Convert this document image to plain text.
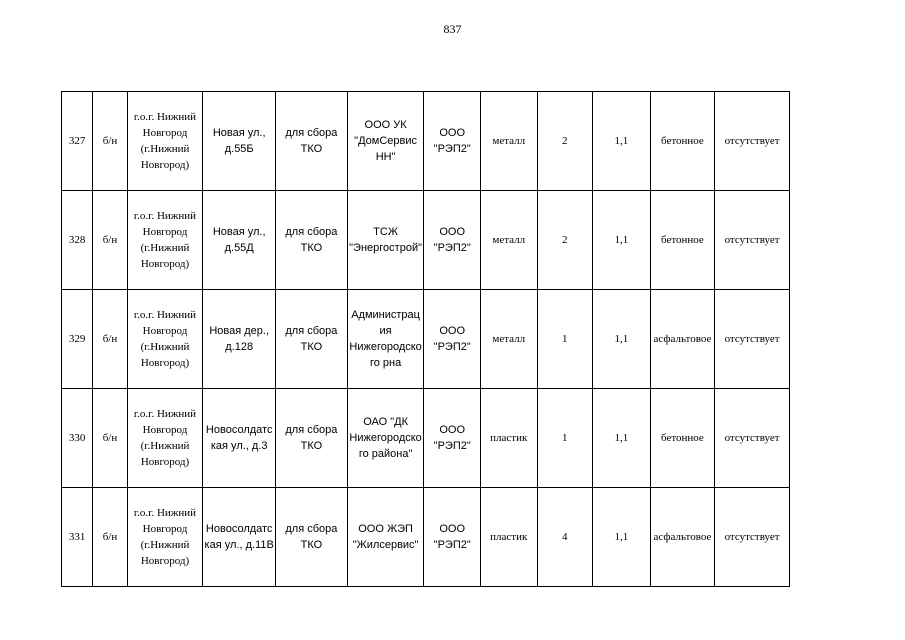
837
327	б/н	г.о.г. Нижний Новгород (г.Нижний Новгород)	Новая ул., д.55Б	для сбора ТКО	ООО УК "ДомСервис НН"	ООО "РЭП2"	металл	2	1,1	бетонное	отсутствует
328	б/н	г.о.г. Нижний Новгород (г.Нижний Новгород)	Новая ул., д.55Д	для сбора ТКО	ТСЖ "Энергострой"	ООО "РЭП2"	металл	2	1,1	бетонное	отсутствует
329	б/н	г.о.г. Нижний Новгород (г.Нижний Новгород)	Новая дер., д.128	для сбора ТКО	Администрация Нижегородского рна	ООО "РЭП2"	металл	1	1,1	асфальтовое	отсутствует
330	б/н	г.о.г. Нижний Новгород (г.Нижний Новгород)	Новосолдатская ул., д.3	для сбора ТКО	ОАО "ДК Нижегородского района"	ООО "РЭП2"	пластик	1	1,1	бетонное	отсутствует
331	б/н	г.о.г. Нижний Новгород (г.Нижний Новгород)	Новосолдатская ул., д.11В	для сбора ТКО	ООО ЖЭП "Жилсервис"	ООО "РЭП2"	пластик	4	1,1	асфальтовое	отсутствует
